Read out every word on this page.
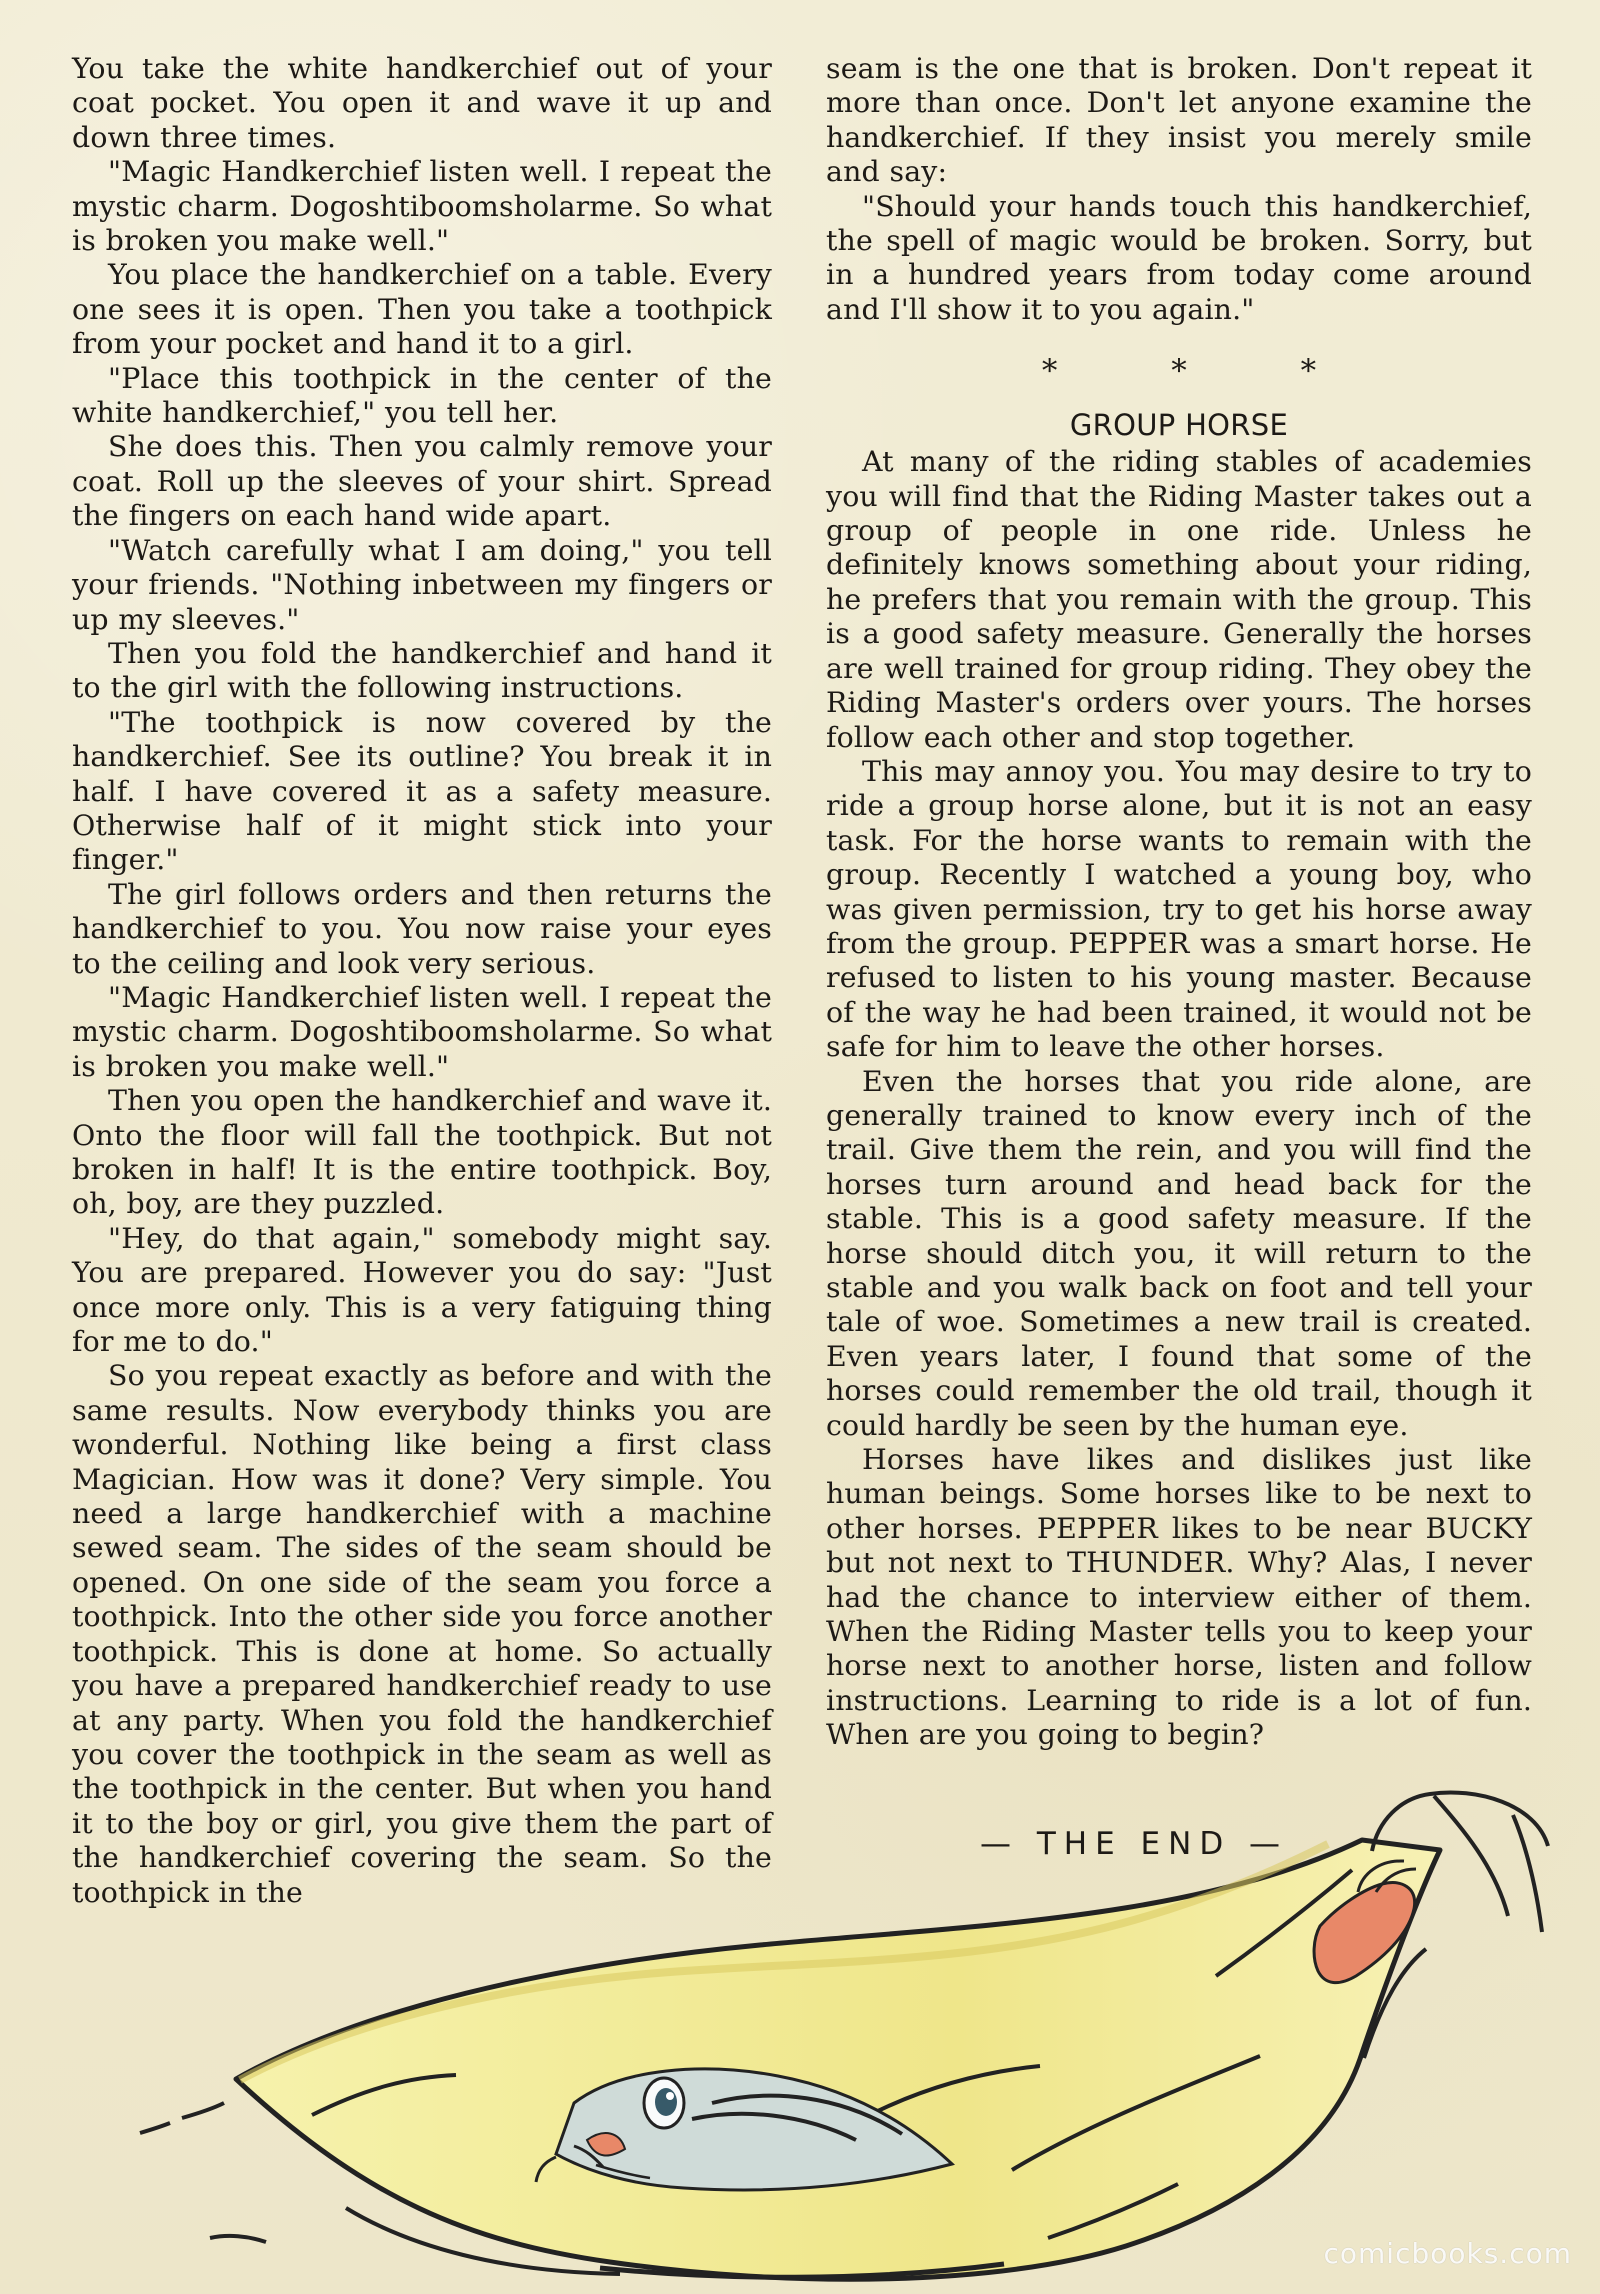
You take the white handkerchief out of your coat pocket. You open it and wave it up and down three times.

"Magic Handkerchief listen well. I repeat the mystic charm. Dogoshtiboomsholarme. So what is broken you make well."

You place the handkerchief on a table. Every one sees it is open. Then you take a toothpick from your pocket and hand it to a girl.

"Place this toothpick in the center of the white handkerchief," you tell her.

She does this. Then you calmly remove your coat. Roll up the sleeves of your shirt. Spread the fingers on each hand wide apart.

"Watch carefully what I am doing," you tell your friends. "Nothing inbetween my fingers or up my sleeves."

Then you fold the handkerchief and hand it to the girl with the following instructions.

"The toothpick is now covered by the handkerchief. See its outline? You break it in half. I have covered it as a safety measure. Otherwise half of it might stick into your finger."

The girl follows orders and then returns the handkerchief to you. You now raise your eyes to the ceiling and look very serious.

"Magic Handkerchief listen well. I repeat the mystic charm. Dogoshtiboomsholarme. So what is broken you make well."

Then you open the handkerchief and wave it. Onto the floor will fall the toothpick. But not broken in half! It is the entire toothpick. Boy, oh, boy, are they puzzled.

"Hey, do that again," somebody might say. You are prepared. However you do say: "Just once more only. This is a very fatiguing thing for me to do."

So you repeat exactly as before and with the same results. Now everybody thinks you are wonderful. Nothing like being a first class Magician. How was it done? Very simple. You need a large handkerchief with a machine sewed seam. The sides of the seam should be opened. On one side of the seam you force a toothpick. Into the other side you force another toothpick. This is done at home. So actually you have a prepared handkerchief ready to use at any party. When you fold the handkerchief you cover the toothpick in the seam as well as the toothpick in the center. But when you hand it to the boy or girl, you give them the part of the handkerchief covering the seam. So the toothpick in the

seam is the one that is broken. Don't repeat it more than once. Don't let anyone examine the handkerchief. If they insist you merely smile and say:

"Should your hands touch this handkerchief, the spell of magic would be broken. Sorry, but in a hundred years from today come around and I'll show it to you again."

* * *
GROUP HORSE

At many of the riding stables of academies you will find that the Riding Master takes out a group of people in one ride. Unless he definitely knows something about your riding, he prefers that you remain with the group. This is a good safety measure. Generally the horses are well trained for group riding. They obey the Riding Master's orders over yours. The horses follow each other and stop together.

This may annoy you. You may desire to try to ride a group horse alone, but it is not an easy task. For the horse wants to remain with the group. Recently I watched a young boy, who was given permission, try to get his horse away from the group. PEPPER was a smart horse. He refused to listen to his young master. Because of the way he had been trained, it would not be safe for him to leave the other horses.

Even the horses that you ride alone, are generally trained to know every inch of the trail. Give them the rein, and you will find the horses turn around and head back for the stable. This is a good safety measure. If the horse should ditch you, it will return to the stable and you walk back on foot and tell your tale of woe. Sometimes a new trail is created. Even years later, I found that some of the horses could remember the old trail, though it could hardly be seen by the human eye.

Horses have likes and dislikes just like human beings. Some horses like to be next to other horses. PEPPER likes to be near BUCKY but not next to THUNDER. Why? Alas, I never had the chance to interview either of them. When the Riding Master tells you to keep your horse next to another horse, listen and follow instructions. Learning to ride is a lot of fun. When are you going to begin?

— THE END —
comicbooks.com
